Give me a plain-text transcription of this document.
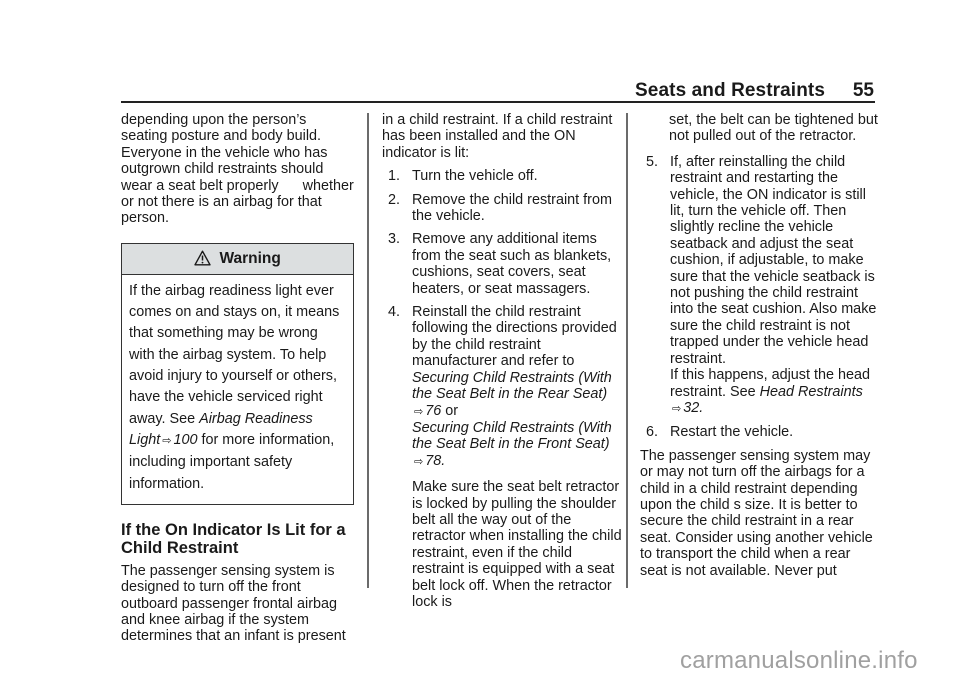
Seats and Restraints	55

depending upon the person’s seating posture and body build. Everyone in the vehicle who has outgrown child restraints should wear a seat belt properly      whether or not there is an airbag for that person.

Warning
If the airbag readiness light ever comes on and stays on, it means that something may be wrong with the airbag system. To help avoid injury to yourself or others, have the vehicle serviced right away. See Airbag Readiness Light ⇨ 100 for more information, including important safety information.
If the On Indicator Is Lit for a Child Restraint

The passenger sensing system is designed to turn off the front outboard passenger frontal airbag and knee airbag if the system determines that an infant is present

in a child restraint. If a child restraint has been installed and the ON indicator is lit:

1. Turn the vehicle off.
2. Remove the child restraint from the vehicle.
3. Remove any additional items from the seat such as blankets, cushions, seat covers, seat heaters, or seat massagers.
4. Reinstall the child restraint following the directions provided by the child restraint manufacturer and refer to Securing Child Restraints (With the Seat Belt in the Rear Seat)
⇨ 76 or
Securing Child Restraints (With the Seat Belt in the Front Seat)
⇨ 78.

Make sure the seat belt retractor is locked by pulling the shoulder belt all the way out of the retractor when installing the child restraint, even if the child restraint is equipped with a seat belt lock off. When the retractor lock is

set, the belt can be tightened but not pulled out of the retractor.

5. If, after reinstalling the child restraint and restarting the vehicle, the ON indicator is still lit, turn the vehicle off. Then slightly recline the vehicle seatback and adjust the seat cushion, if adjustable, to make sure that the vehicle seatback is not pushing the child restraint into the seat cushion. Also make sure the child restraint is not trapped under the vehicle head restraint.
If this happens, adjust the head restraint. See Head Restraints
⇨ 32.
6. Restart the vehicle.

The passenger sensing system may or may not turn off the airbags for a child in a child restraint depending upon the child s size. It is better to secure the child restraint in a rear seat. Consider using another vehicle to transport the child when a rear seat is not available. Never put

carmanualsonline.info
